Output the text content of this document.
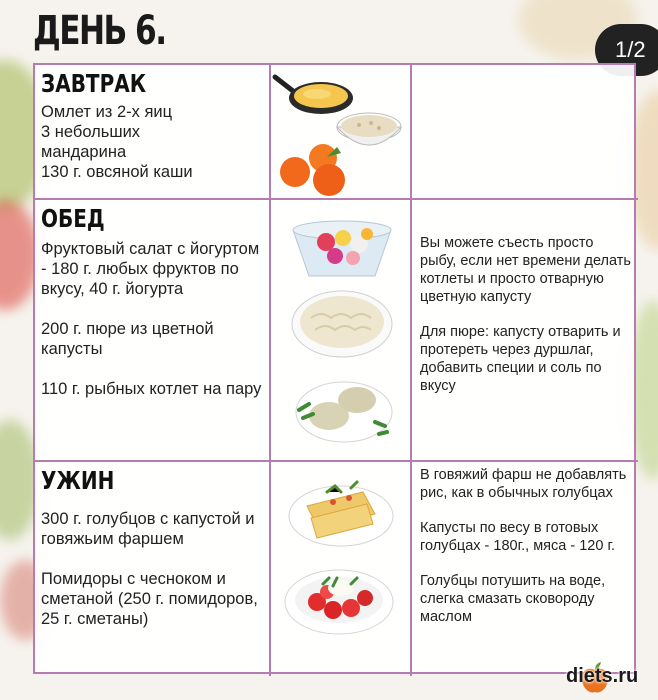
ДЕНЬ 6.	1/2
ЗАВТРАК
Омлет из 2-х яиц
3 небольших
мандарина
130 г. овсяной каши
ОБЕД

Фруктовый салат с йогуртом - 180 г. любых фруктов по вкусу, 40 г. йогурта

200 г. пюре из цветной капусты

110 г. рыбных котлет на пару

Вы можете съесть просто рыбу, если нет времени делать котлеты и просто отварную цветную капусту

Для пюре: капусту отварить и протереть через дуршлаг, добавить специи и соль по вкусу

УЖИН

300 г. голубцов с капустой и говяжьим фаршем

Помидоры с чесноком и сметаной (250 г. помидоров, 25 г. сметаны)

В говяжий фарш не добавлять рис, как в обычных голубцах

Капусты по весу в готовых голубцах - 180г., мяса - 120 г.

Голубцы потушить на воде, слегка смазать сковороду маслом

diets.ru
